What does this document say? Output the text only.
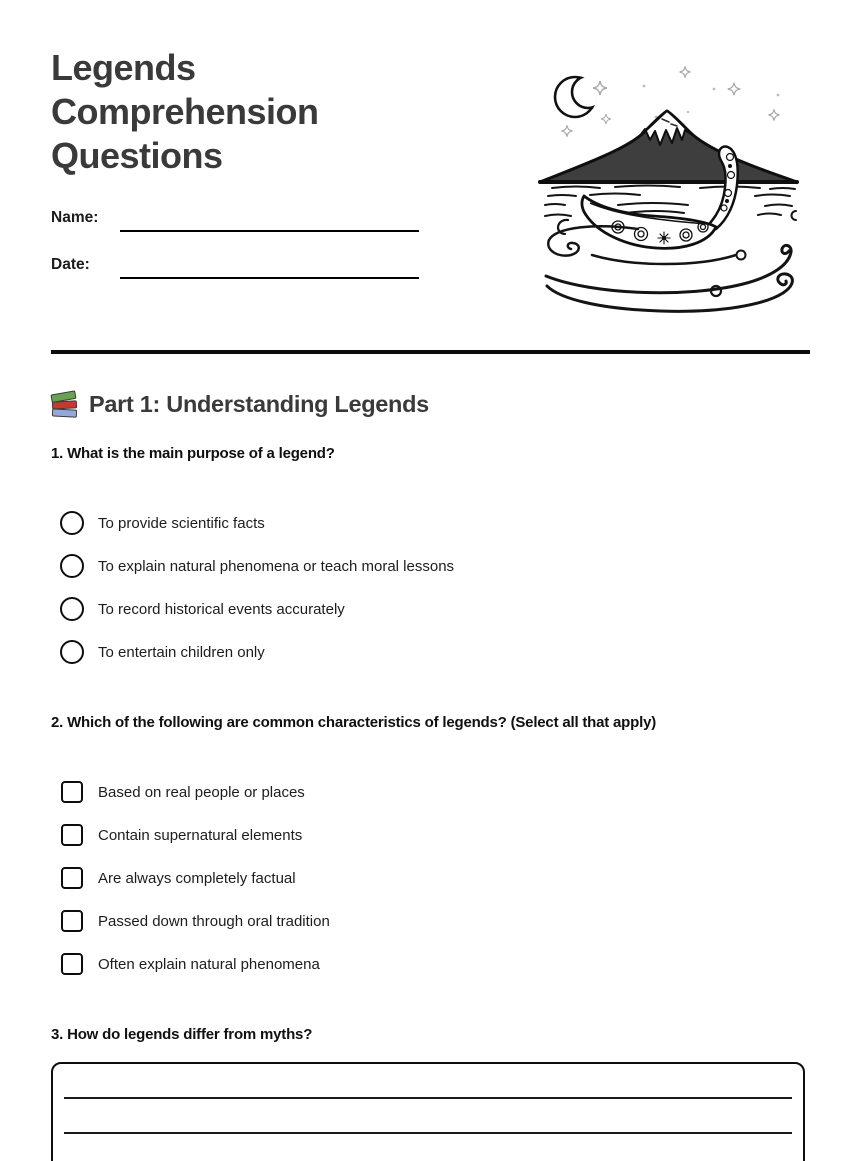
Legends
Comprehension
Questions
Name:
Date:
Part 1: Understanding Legends
1. What is the main purpose of a legend?
To provide scientific facts
To explain natural phenomena or teach moral lessons
To record historical events accurately
To entertain children only
2. Which of the following are common characteristics of legends? (Select all that apply)
Based on real people or places
Contain supernatural elements
Are always completely factual
Passed down through oral tradition
Often explain natural phenomena
3. How do legends differ from myths?
